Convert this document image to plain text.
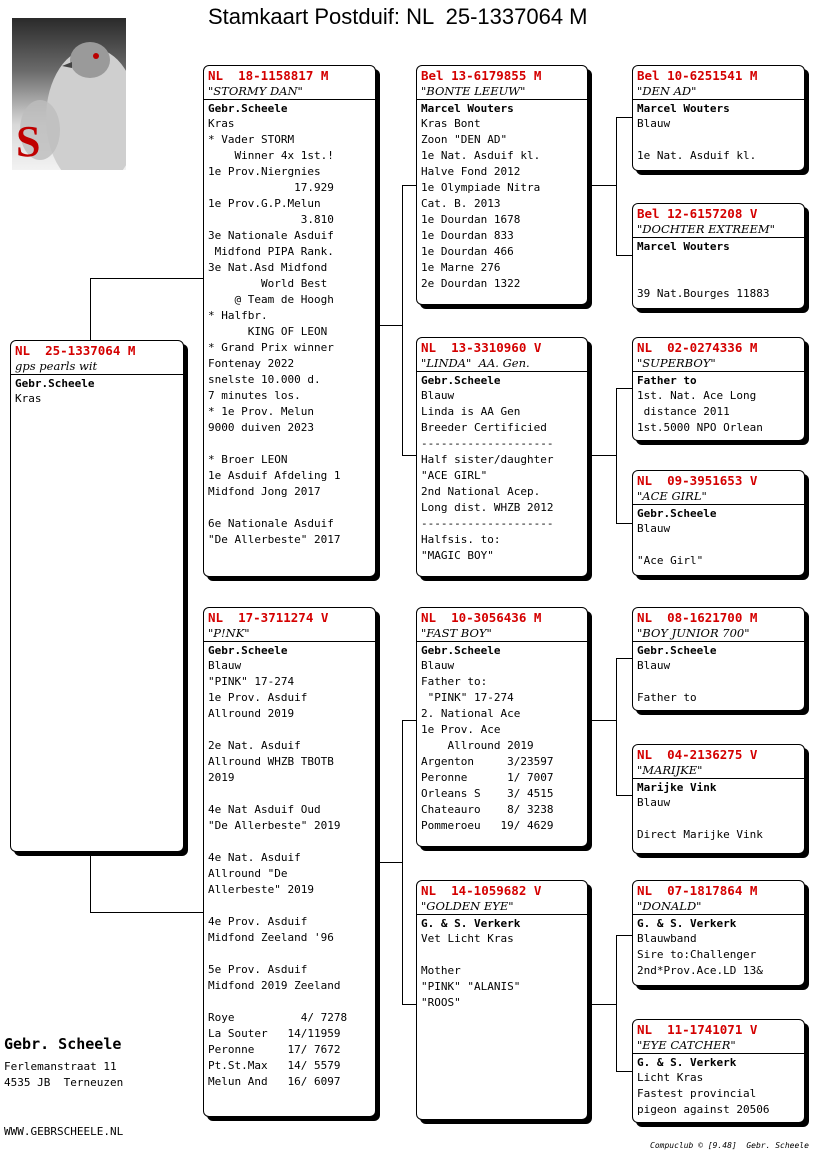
Stamkaart Postduif: NL  25-1337064 M
S
NL  25-1337064 M
gps pearls wit
Gebr.Scheele
Kras
NL  18-1158817 M
"STORMY DAN"
Gebr.Scheele
Kras
* Vader STORM
Winner 4x 1st.!
1e Prov.Niergnies
17.929
1e Prov.G.P.Melun
3.810
3e Nationale Asduif
Midfond PIPA Rank.
3e Nat.Asd Midfond
World Best
@ Team de Hoogh
* Halfbr.
KING OF LEON
* Grand Prix winner
Fontenay 2022
snelste 10.000 d.
7 minutes los.
* 1e Prov. Melun
9000 duiven 2023
* Broer LEON
1e Asduif Afdeling 1
Midfond Jong 2017
6e Nationale Asduif
"De Allerbeste" 2017
NL  17-3711274 V
"P!NK"
Gebr.Scheele
Blauw
"PINK" 17-274
1e Prov. Asduif
Allround 2019
2e Nat. Asduif
Allround WHZB TBOTB
2019
4e Nat Asduif Oud
"De Allerbeste" 2019
4e Nat. Asduif
Allround "De
Allerbeste" 2019
4e Prov. Asduif
Midfond Zeeland '96
5e Prov. Asduif
Midfond 2019 Zeeland
Roye          4/ 7278
La Souter   14/11959
Peronne     17/ 7672
Pt.St.Max   14/ 5579
Melun And   16/ 6097
Bel 13-6179855 M
"BONTE LEEUW"
Marcel Wouters
Kras Bont
Zoon "DEN AD"
1e Nat. Asduif kl.
Halve Fond 2012
1e Olympiade Nitra
Cat. B. 2013
1e Dourdan 1678
1e Dourdan 833
1e Dourdan 466
1e Marne 276
2e Dourdan 1322
NL  13-3310960 V
"LINDA"  AA. Gen.
Gebr.Scheele
Blauw
Linda is AA Gen
Breeder Certificied
--------------------
Half sister/daughter
"ACE GIRL"
2nd National Acep.
Long dist. WHZB 2012
--------------------
Halfsis. to:
"MAGIC BOY"
NL  10-3056436 M
"FAST BOY"
Gebr.Scheele
Blauw
Father to:
"PINK" 17-274
2. National Ace
1e Prov. Ace
Allround 2019
Argenton     3/23597
Peronne      1/ 7007
Orleans S    3/ 4515
Chateauro    8/ 3238
Pommeroeu   19/ 4629
NL  14-1059682 V
"GOLDEN EYE"
G. & S. Verkerk
Vet Licht Kras
Mother
"PINK" "ALANIS"
"ROOS"
Bel 10-6251541 M
"DEN AD"
Marcel Wouters
Blauw
1e Nat. Asduif kl.
Bel 12-6157208 V
"DOCHTER EXTREEM"
Marcel Wouters
39 Nat.Bourges 11883
NL  02-0274336 M
"SUPERBOY"
Father to
1st. Nat. Ace Long
distance 2011
1st.5000 NPO Orlean
NL  09-3951653 V
"ACE GIRL"
Gebr.Scheele
Blauw
"Ace Girl"
NL  08-1621700 M
"BOY JUNIOR 700"
Gebr.Scheele
Blauw
Father to
NL  04-2136275 V
"MARIJKE"
Marijke Vink
Blauw
Direct Marijke Vink
NL  07-1817864 M
"DONALD"
G. & S. Verkerk
Blauwband
Sire to:Challenger
2nd*Prov.Ace.LD 13&
NL  11-1741071 V
"EYE CATCHER"
G. & S. Verkerk
Licht Kras
Fastest provincial
pigeon against 20506
Gebr. Scheele
Ferlemanstraat 11
4535 JB  Terneuzen
WWW.GEBRSCHEELE.NL
Compuclub © [9.48]  Gebr. Scheele
